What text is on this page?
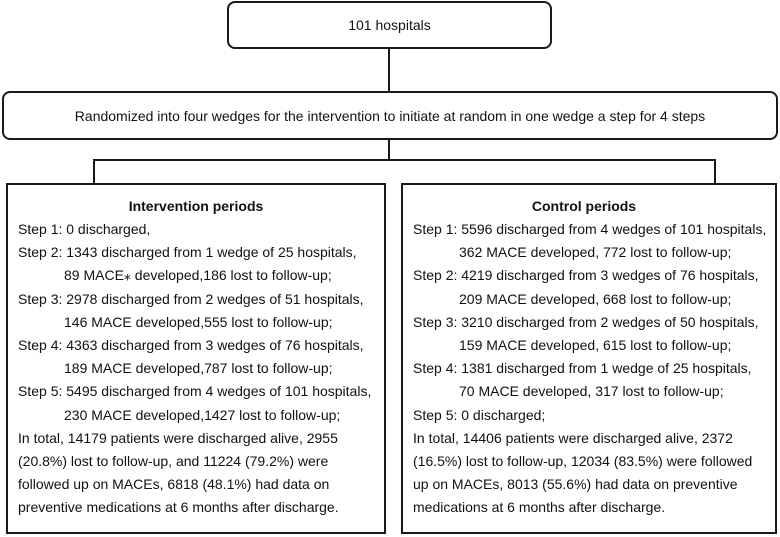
101 hospitals
Randomized into four wedges for the intervention to initiate at random in one wedge a step for 4 steps
Intervention periods
Step 1: 0 discharged,
Step 2: 1343 discharged from 1 wedge of 25 hospitals,
89 MACE⁎ developed,186 lost to follow-up;
Step 3: 2978 discharged from 2 wedges of 51 hospitals,
146 MACE developed,555 lost to follow-up;
Step 4: 4363 discharged from 3 wedges of 76 hospitals,
189 MACE developed,787 lost to follow-up;
Step 5: 5495 discharged from 4 wedges of 101 hospitals,
230 MACE developed,1427 lost to follow-up;
In total, 14179 patients were discharged alive, 2955
(20.8%) lost to follow-up, and 11224 (79.2%) were
followed up on MACEs, 6818 (48.1%) had data on
preventive medications at 6 months after discharge.
Control periods
Step 1: 5596 discharged from 4 wedges of 101 hospitals,
362 MACE developed, 772 lost to follow-up;
Step 2: 4219 discharged from 3 wedges of 76 hospitals,
209 MACE developed, 668 lost to follow-up;
Step 3: 3210 discharged from 2 wedges of 50 hospitals,
159 MACE developed, 615 lost to follow-up;
Step 4: 1381 discharged from 1 wedge of 25 hospitals,
70 MACE developed, 317 lost to follow-up;
Step 5: 0 discharged;
In total, 14406 patients were discharged alive, 2372
(16.5%) lost to follow-up, 12034 (83.5%) were followed
up on MACEs, 8013 (55.6%) had data on preventive
medications at 6 months after discharge.
